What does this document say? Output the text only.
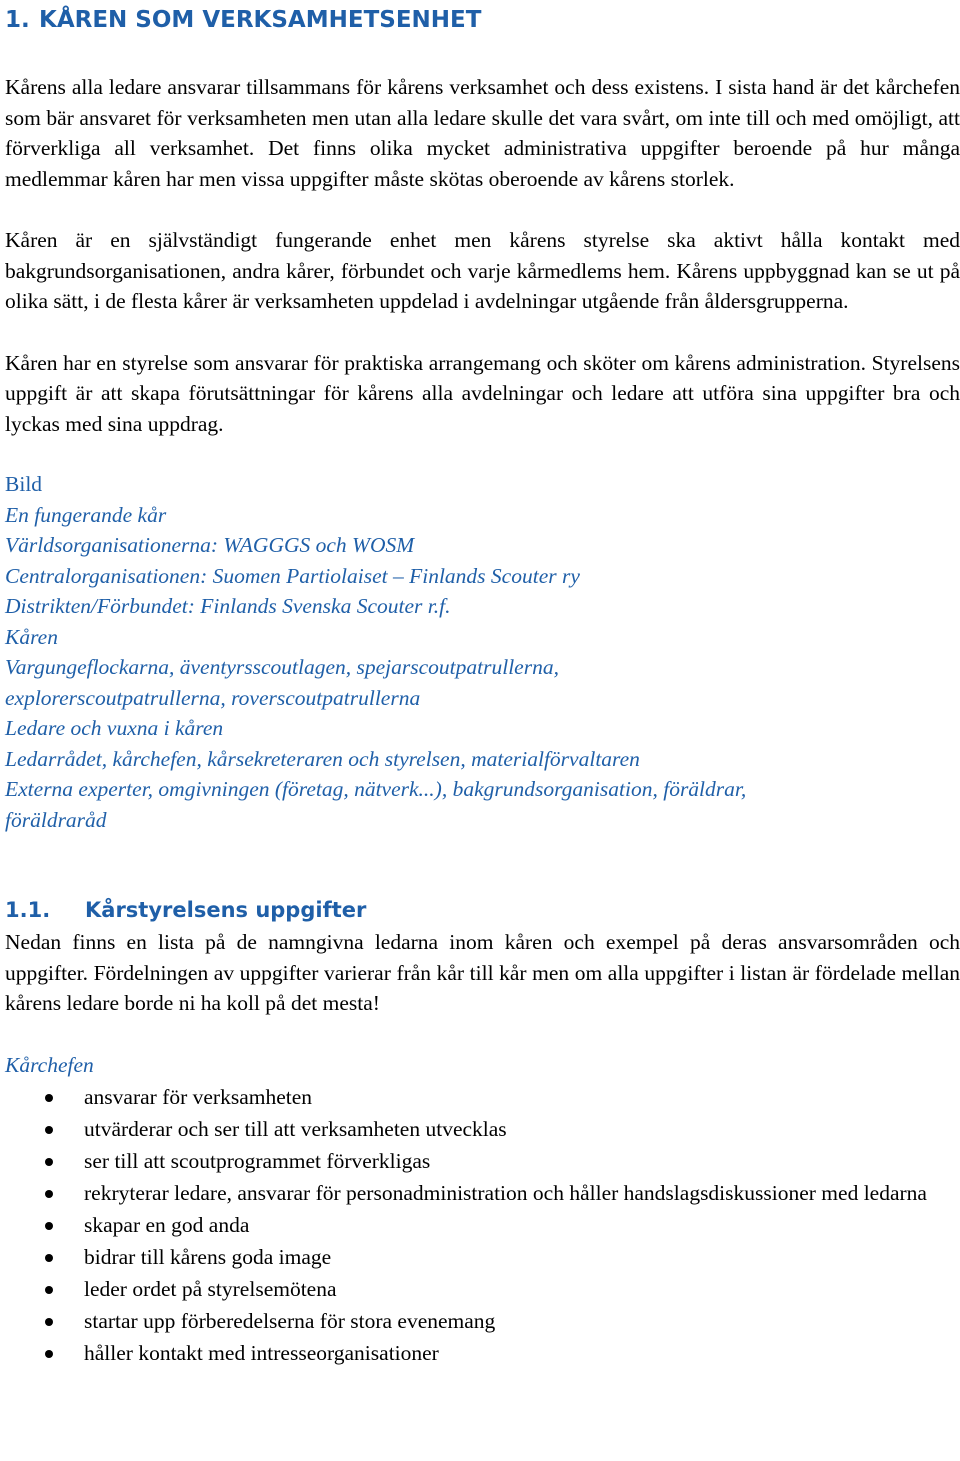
1. KÅREN SOM VERKSAMHETSENHET

Kårens alla ledare ansvarar tillsammans för kårens verksamhet och dess existens. I sista hand är det kårchefen som bär ansvaret för verksamheten men utan alla ledare skulle det vara svårt, om inte till och med omöjligt, att förverkliga all verksamhet. Det finns olika mycket administrativa uppgifter beroende på hur många medlemmar kåren har men vissa uppgifter måste skötas oberoende av kårens storlek.

Kåren är en självständigt fungerande enhet men kårens styrelse ska aktivt hålla kontakt med bakgrundsorganisationen, andra kårer, förbundet och varje kårmedlems hem. Kårens uppbyggnad kan se ut på olika sätt, i de flesta kårer är verksamheten uppdelad i avdelningar utgående från åldersgrupperna.

Kåren har en styrelse som ansvarar för praktiska arrangemang och sköter om kårens administration. Styrelsens uppgift är att skapa förutsättningar för kårens alla avdelningar och ledare att utföra sina uppgifter bra och lyckas med sina uppdrag.

Bild
En fungerande kår
Världsorganisationerna: WAGGGS och WOSM
Centralorganisationen: Suomen Partiolaiset – Finlands Scouter ry
Distrikten/Förbundet: Finlands Svenska Scouter r.f.
Kåren
Vargungeflockarna, äventyrsscoutlagen, spejarscoutpatrullerna,
explorerscoutpatrullerna, roverscoutpatrullerna
Ledare och vuxna i kåren
Ledarrådet, kårchefen, kårsekreteraren och styrelsen, materialförvaltaren
Externa experter, omgivningen (företag, nätverk...), bakgrundsorganisation, föräldrar,
föräldraråd
1.1. Kårstyrelsens uppgifter

Nedan finns en lista på de namngivna ledarna inom kåren och exempel på deras ansvarsområden och uppgifter. Fördelningen av uppgifter varierar från kår till kår men om alla uppgifter i listan är fördelade mellan kårens ledare borde ni ha koll på det mesta!

Kårchefen
ansvarar för verksamheten
utvärderar och ser till att verksamheten utvecklas
ser till att scoutprogrammet förverkligas
rekryterar ledare, ansvarar för personadministration och håller handslagsdiskussioner med ledarna
skapar en god anda
bidrar till kårens goda image
leder ordet på styrelsemötena
startar upp förberedelserna för stora evenemang
håller kontakt med intresseorganisationer
